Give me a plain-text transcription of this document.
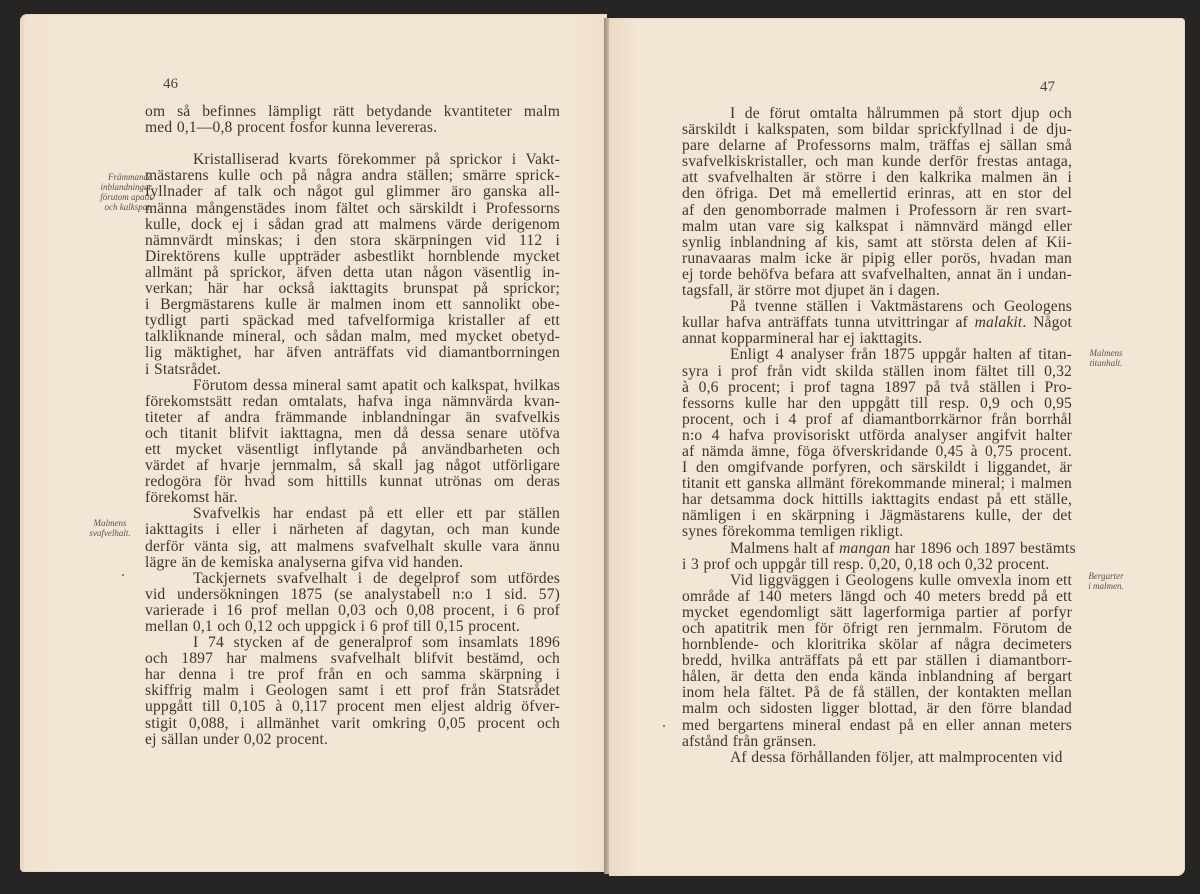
46
Främmande
inblandningar
förutom apatit
och kalkspat.
Malmens
svafvelhalt.
om så befinnes lämpligt rätt betydande kvantiteter malm
med 0,1—0,8 procent fosfor kunna levereras.
Kristalliserad kvarts förekommer på sprickor i Vakt-
mästarens kulle och på några andra ställen; smärre sprick-
fyllnader af talk och något gul glimmer äro ganska all-
männa mångenstädes inom fältet och särskildt i Professorns
kulle, dock ej i sådan grad att malmens värde derigenom
nämnvärdt minskas; i den stora skärpningen vid 112 i
Direktörens kulle uppträder asbestlikt hornblende mycket
allmänt på sprickor, äfven detta utan någon väsentlig in-
verkan; här har också iakttagits brunspat på sprickor;
i Bergmästarens kulle är malmen inom ett sannolikt obe-
tydligt parti späckad med tafvelformiga kristaller af ett
talkliknande mineral, och sådan malm, med mycket obetyd-
lig mäktighet, har äfven anträffats vid diamantborrningen
i Statsrådet.
Förutom dessa mineral samt apatit och kalkspat, hvilkas
förekomstsätt redan omtalats, hafva inga nämnvärda kvan-
titeter af andra främmande inblandningar än svafvelkis
och titanit blifvit iakttagna, men då dessa senare utöfva
ett mycket väsentligt inflytande på användbarheten och
värdet af hvarje jernmalm, så skall jag något utförligare
redogöra för hvad som hittills kunnat utrönas om deras
förekomst här.
Svafvelkis har endast på ett eller ett par ställen
iakttagits i eller i närheten af dagytan, och man kunde
derför vänta sig, att malmens svafvelhalt skulle vara ännu
lägre än de kemiska analyserna gifva vid handen.
Tackjernets svafvelhalt i de degelprof som utfördes
vid undersökningen 1875 (se analystabell n:o 1 sid. 57)
varierade i 16 prof mellan 0,03 och 0,08 procent, i 6 prof
mellan 0,1 och 0,12 och uppgick i 6 prof till 0,15 procent.
I 74 stycken af de generalprof som insamlats 1896
och 1897 har malmens svafvelhalt blifvit bestämd, och
har denna i tre prof från en och samma skärpning i
skiffrig malm i Geologen samt i ett prof från Statsrådet
uppgått till 0,105 à 0,117 procent men eljest aldrig öfver-
stigit 0,088, i allmänhet varit omkring 0,05 procent och
ej sällan under 0,02 procent.
47
Malmens
titanhalt.
Bergarter
i malmen.
I de förut omtalta hålrummen på stort djup och
särskildt i kalkspaten, som bildar sprickfyllnad i de dju-
pare delarne af Professorns malm, träffas ej sällan små
svafvelkiskristaller, och man kunde derför frestas antaga,
att svafvelhalten är större i den kalkrika malmen än i
den öfriga. Det må emellertid erinras, att en stor del
af den genomborrade malmen i Professorn är ren svart-
malm utan vare sig kalkspat i nämnvärd mängd eller
synlig inblandning af kis, samt att största delen af Kii-
runavaaras malm icke är pipig eller porös, hvadan man
ej torde behöfva befara att svafvelhalten, annat än i undan-
tagsfall, är större mot djupet än i dagen.
På tvenne ställen i Vaktmästarens och Geologens
kullar hafva anträffats tunna utvittringar af malakit. Något
annat kopparmineral har ej iakttagits.
Enligt 4 analyser från 1875 uppgår halten af titan-
syra i prof från vidt skilda ställen inom fältet till 0,32
à 0,6 procent; i prof tagna 1897 på två ställen i Pro-
fessorns kulle har den uppgått till resp. 0,9 och 0,95
procent, och i 4 prof af diamantborrkärnor från borrhål
n:o 4 hafva provisoriskt utförda analyser angifvit halter
af nämda ämne, föga öfverskridande 0,45 à 0,75 procent.
I den omgifvande porfyren, och särskildt i liggandet, är
titanit ett ganska allmänt förekommande mineral; i malmen
har detsamma dock hittills iakttagits endast på ett ställe,
nämligen i en skärpning i Jägmästarens kulle, der det
synes förekomma temligen rikligt.
Malmens halt af mangan har 1896 och 1897 bestämts
i 3 prof och uppgår till resp. 0,20, 0,18 och 0,32 procent.
Vid liggväggen i Geologens kulle omvexla inom ett
område af 140 meters längd och 40 meters bredd på ett
mycket egendomligt sätt lagerformiga partier af porfyr
och apatitrik men för öfrigt ren jernmalm. Förutom de
hornblende- och kloritrika skölar af några decimeters
bredd, hvilka anträffats på ett par ställen i diamantborr-
hålen, är detta den enda kända inblandning af bergart
inom hela fältet. På de få ställen, der kontakten mellan
malm och sidosten ligger blottad, är den förre blandad
med bergartens mineral endast på en eller annan meters
afstånd från gränsen.
Af dessa förhållanden följer, att malmprocenten vid
